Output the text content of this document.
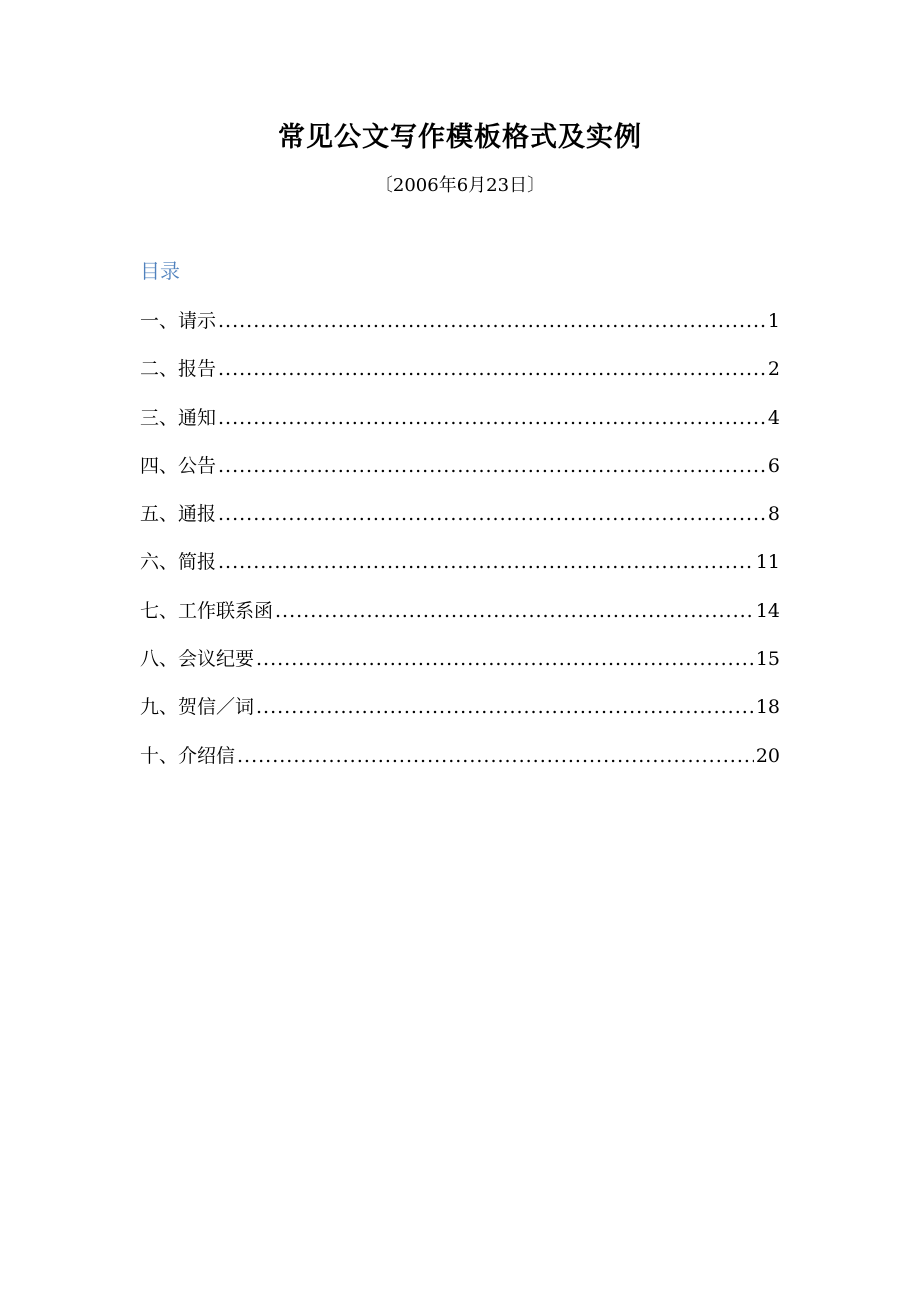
常见公文写作模板格式及实例
〔2006年6月23日〕
目录
一、请示 .....	1
二、报告 .....	2
三、通知 .....	4
四、公告 .....	6
五、通报 .....	8
六、简报 .....	11
七、工作联系函 .....	14
八、会议纪要 .....	15
九、贺信／词 .....	18
十、介绍信 .....	20
